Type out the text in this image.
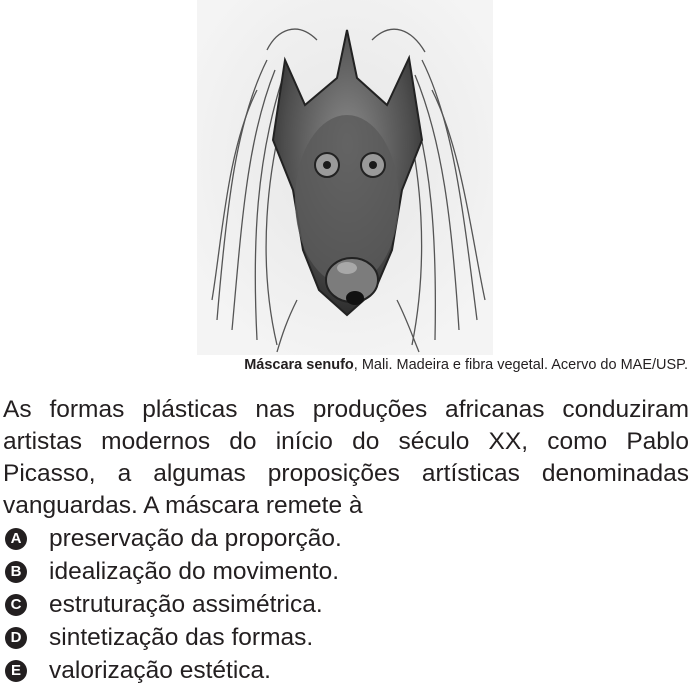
Máscara senufo, Mali. Madeira e fibra vegetal. Acervo do MAE/USP.
As formas plásticas nas produções africanas conduziram artistas modernos do início do século XX, como Pablo Picasso, a algumas proposições artísticas denominadas vanguardas. A máscara remete à
A preservação da proporção.
B idealização do movimento.
C estruturação assimétrica.
D sintetização das formas.
E valorização estética.
